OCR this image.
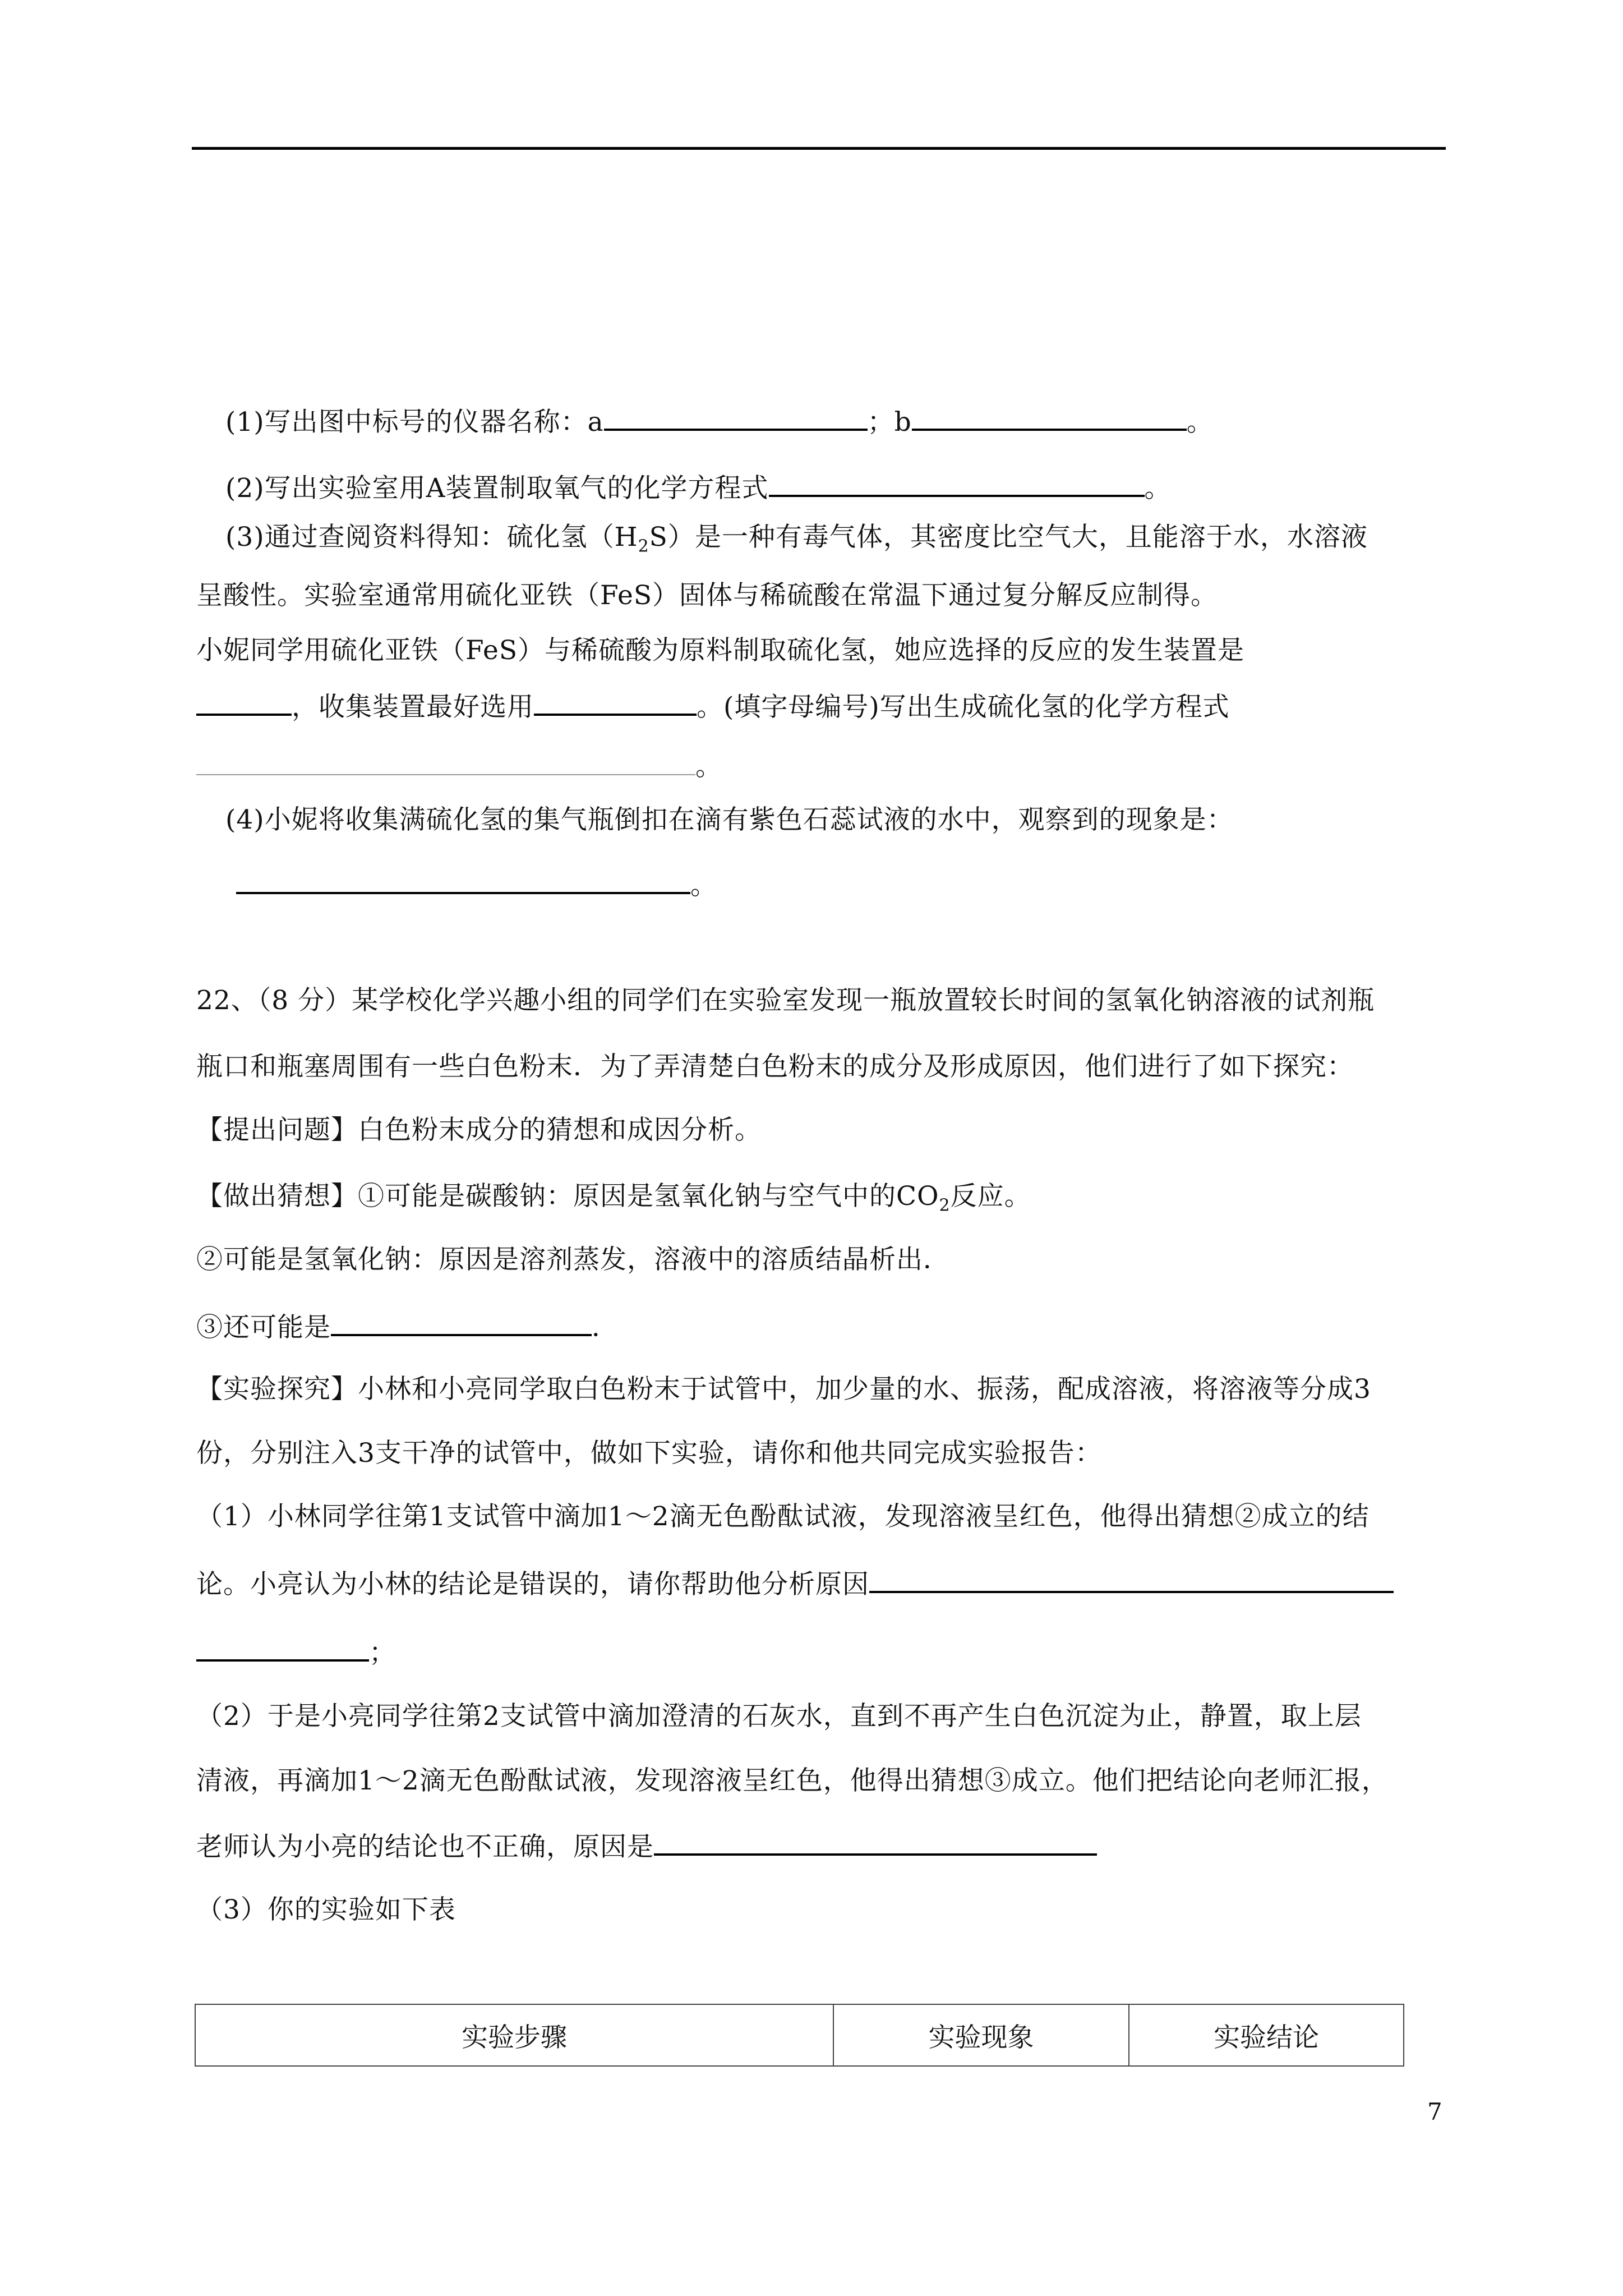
(1)写出图中标号的仪器名称：a	；b	。
(2)写出实验室用A装置制取氧气的化学方程式	。
(3)通过查阅资料得知：硫化氢$(H_2S)$是一种有毒气体，其密度比空气大，且能溶于水，水溶液
呈酸性。实验室通常用硫化亚铁（FeS）固体与稀硫酸在常温下通过复分解反应制得。
小妮同学用硫化亚铁（FeS）与稀硫酸为原料制取硫化氢，她应选择的反应的发生装置是
，收集装置最好选用	。(填字母编号)写出生成硫化氢的化学方程式
。
(4)小妮将收集满硫化氢的集气瓶倒扣在滴有紫色石蕊试液的水中，观察到的现象是：
。
22、（8 分）某学校化学兴趣小组的同学们在实验室发现一瓶放置较长时间的氢氧化钠溶液的试剂瓶
瓶口和瓶塞周围有一些白色粉末．为了弄清楚白色粉末的成分及形成原因，他们进行了如下探究：
【提出问题】白色粉末成分的猜想和成因分析。
【做出猜想】①可能是碳酸钠：原因是氢氧化钠与空气中的$CO_2$反应。
②可能是氢氧化钠：原因是溶剂蒸发，溶液中的溶质结晶析出．
③还可能是	．
【实验探究】小林和小亮同学取白色粉末于试管中，加少量的水、振荡，配成溶液，将溶液等分成3
份，分别注入3支干净的试管中，做如下实验，请你和他共同完成实验报告：
（1）小林同学往第1支试管中滴加1～2滴无色酚酞试液，发现溶液呈红色，他得出猜想②成立的结
论。小亮认为小林的结论是错误的，请你帮助他分析原因
；
（2）于是小亮同学往第2支试管中滴加澄清的石灰水，直到不再产生白色沉淀为止，静置，取上层
清液，再滴加1～2滴无色酚酞试液，发现溶液呈红色，他得出猜想③成立。他们把结论向老师汇报，
老师认为小亮的结论也不正确，原因是
（3）你的实验如下表
实验步骤	实验现象	实验结论
7
